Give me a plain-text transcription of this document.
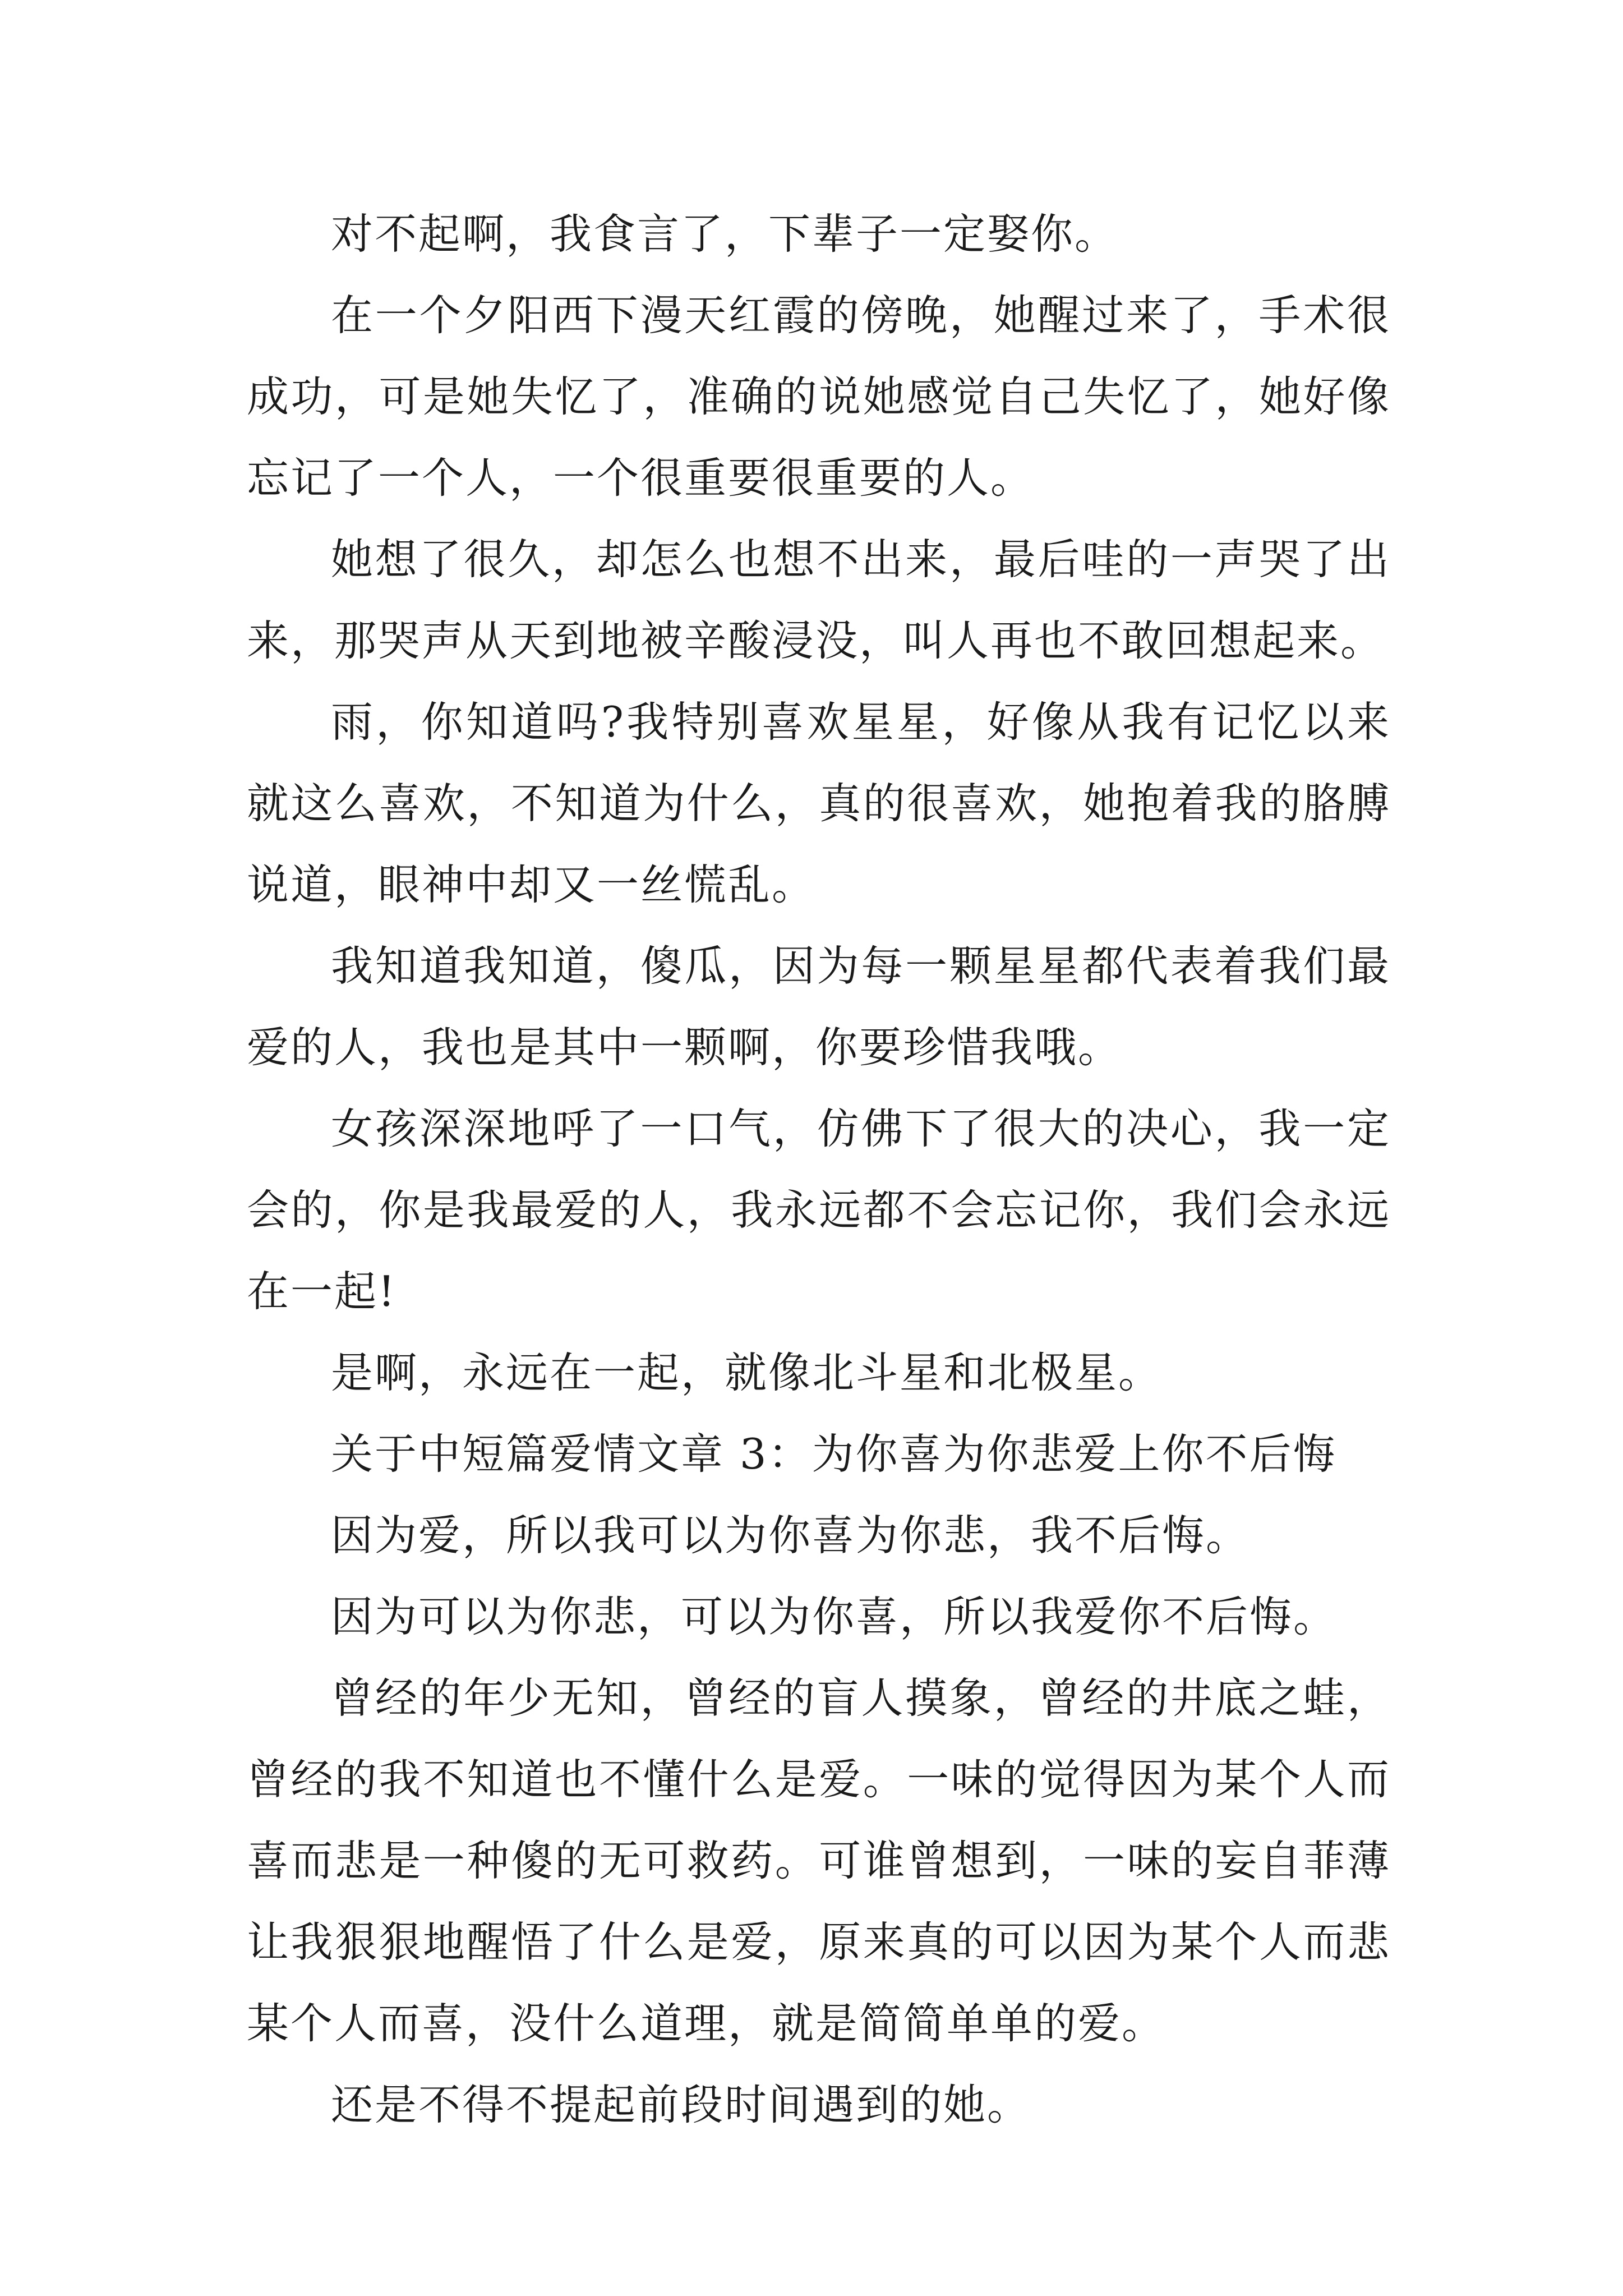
对不起啊，我食言了，下辈子一定娶你。

在一个夕阳西下漫天红霞的傍晚，她醒过来了，手术很成功，可是她失忆了，准确的说她感觉自己失忆了，她好像忘记了一个人，一个很重要很重要的人。

她想了很久，却怎么也想不出来，最后哇的一声哭了出来，那哭声从天到地被辛酸浸没，叫人再也不敢回想起来。

雨，你知道吗?我特别喜欢星星，好像从我有记忆以来就这么喜欢，不知道为什么，真的很喜欢，她抱着我的胳膊说道，眼神中却又一丝慌乱。

我知道我知道，傻瓜，因为每一颗星星都代表着我们最爱的人，我也是其中一颗啊，你要珍惜我哦。

女孩深深地呼了一口气，仿佛下了很大的决心，我一定会的，你是我最爱的人，我永远都不会忘记你，我们会永远在一起!

是啊，永远在一起，就像北斗星和北极星。

关于中短篇爱情文章 3：为你喜为你悲爱上你不后悔

因为爱，所以我可以为你喜为你悲，我不后悔。

因为可以为你悲，可以为你喜，所以我爱你不后悔。

曾经的年少无知，曾经的盲人摸象，曾经的井底之蛙，曾经的我不知道也不懂什么是爱。一味的觉得因为某个人而喜而悲是一种傻的无可救药。可谁曾想到，一味的妄自菲薄让我狠狠地醒悟了什么是爱，原来真的可以因为某个人而悲某个人而喜，没什么道理，就是简简单单的爱。

还是不得不提起前段时间遇到的她。
